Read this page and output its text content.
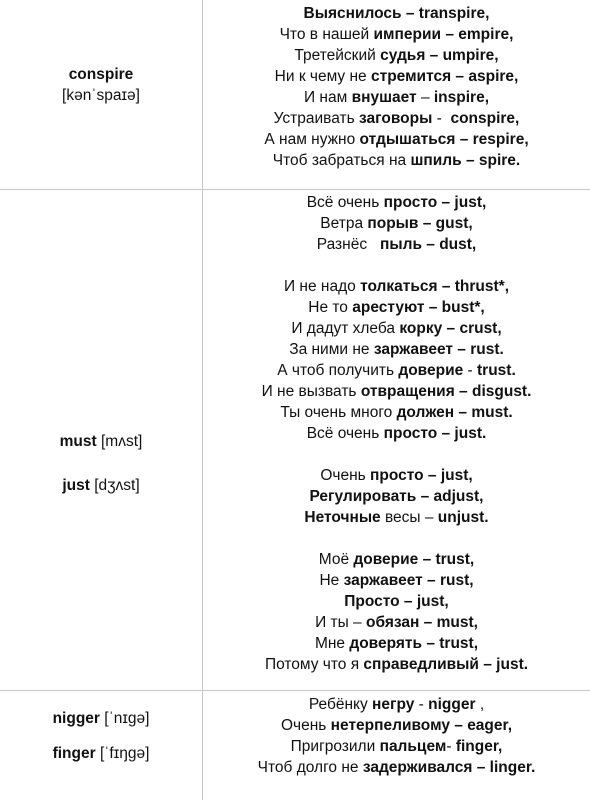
conspire
[kənˈspaɪə]
Выяснилось – transpire,
Что в нашей империи – empire,
Третейский судья – umpire,
Ни к чему не стремится – aspire,
И нам внушает – inspire,
Устраивать заговоры -  conspire,
А нам нужно отдышаться – respire,
Чтоб забраться на шпиль – spire.
must [mʌst]
just [dʒʌst]
Всё очень просто – just,
Ветра порыв – gust,
Разнёс   пыль – dust,
И не надо толкаться – thrust*,
Не то арестуют – bust*,
И дадут хлеба корку – crust,
За ними не заржавеет – rust.
А чтоб получить доверие - trust.
И не вызвать отвращения – disgust.
Ты очень много должен – must.
Всё очень просто – just.
Очень просто – just,
Регулировать – adjust,
Неточные весы – unjust.
Моё доверие – trust,
Не заржавеет – rust,
Просто – just,
И ты – обязан – must,
Мне доверять – trust,
Потому что я справедливый – just.
nigger [ˈnɪgə]
finger [ˈfɪŋgə]
Ребёнку негру - nigger ,
Очень нетерпеливому – eager,
Пригрозили пальцем- finger,
Чтоб долго не задерживался – linger.
